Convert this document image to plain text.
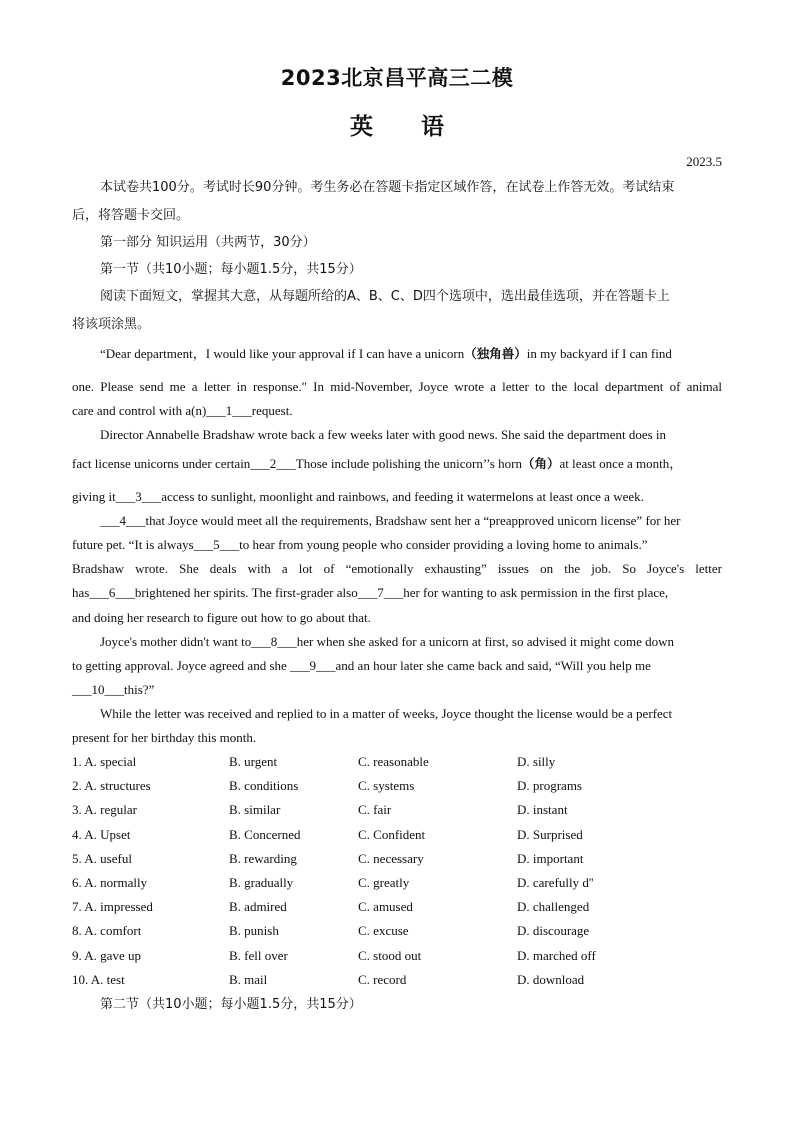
2023北京昌平高三二模
英 语
2023.5
本试卷共100分。考试时长90分钟。考生务必在答题卡指定区域作答，在试卷上作答无效。考试结束
后，将答题卡交回。
第一部分 知识运用（共两节，30分）
第一节（共10小题；每小题1.5分，共15分）
阅读下面短文，掌握其大意，从每题所给的A、B、C、D四个选项中，选出最佳选项，并在答题卡上
将该项涂黑。
“Dear department，I would like your approval if I can have a unicorn（独角兽）in my backyard if I can find
one. Please send me a letter in response." In mid-November, Joyce wrote a letter to the local department of animal
care and control with a(n)___1___request.
Director Annabelle Bradshaw wrote back a few weeks later with good news. She said the department does in
fact license unicorns under certain___2___Those include polishing the unicorn’’s horn（角）at least once a month，
giving it___3___access to sunlight, moonlight and rainbows, and feeding it watermelons at least once a week.
___4___that Joyce would meet all the requirements, Bradshaw sent her a “preapproved unicorn license” for her
future pet. “It is always___5___to hear from young people who consider providing a loving home to animals.”
Bradshaw wrote. She deals with a lot of “emotionally exhausting” issues on the job. So Joyce's letter
has___6___brightened her spirits. The first-grader also___7___her for wanting to ask permission in the first place,
and doing her research to figure out how to go about that.
Joyce's mother didn't want to___8___her when she asked for a unicorn at first, so advised it might come down
to getting approval. Joyce agreed and she ___9___and an hour later she came back and said, “Will you help me
___10___this?”
While the letter was received and replied to in a matter of weeks, Joyce thought the license would be a perfect
present for her birthday this month.
1. A. special	B. urgent	C. reasonable	D. silly
2. A. structures	B. conditions	C. systems	D. programs
3. A. regular	B. similar	C. fair	D. instant
4. A. Upset	B. Concerned	C. Confident	D. Surprised
5. A. useful	B. rewarding	C. necessary	D. important
6. A. normally	B. gradually	C. greatly	D. carefully d''
7. A. impressed	B. admired	C. amused	D. challenged
8. A. comfort	B. punish	C. excuse	D. discourage
9. A. gave up	B. fell over	C. stood out	D. marched off
10. A. test	B. mail	C. record	D. download
第二节（共10小题；每小题1.5分，共15分）
